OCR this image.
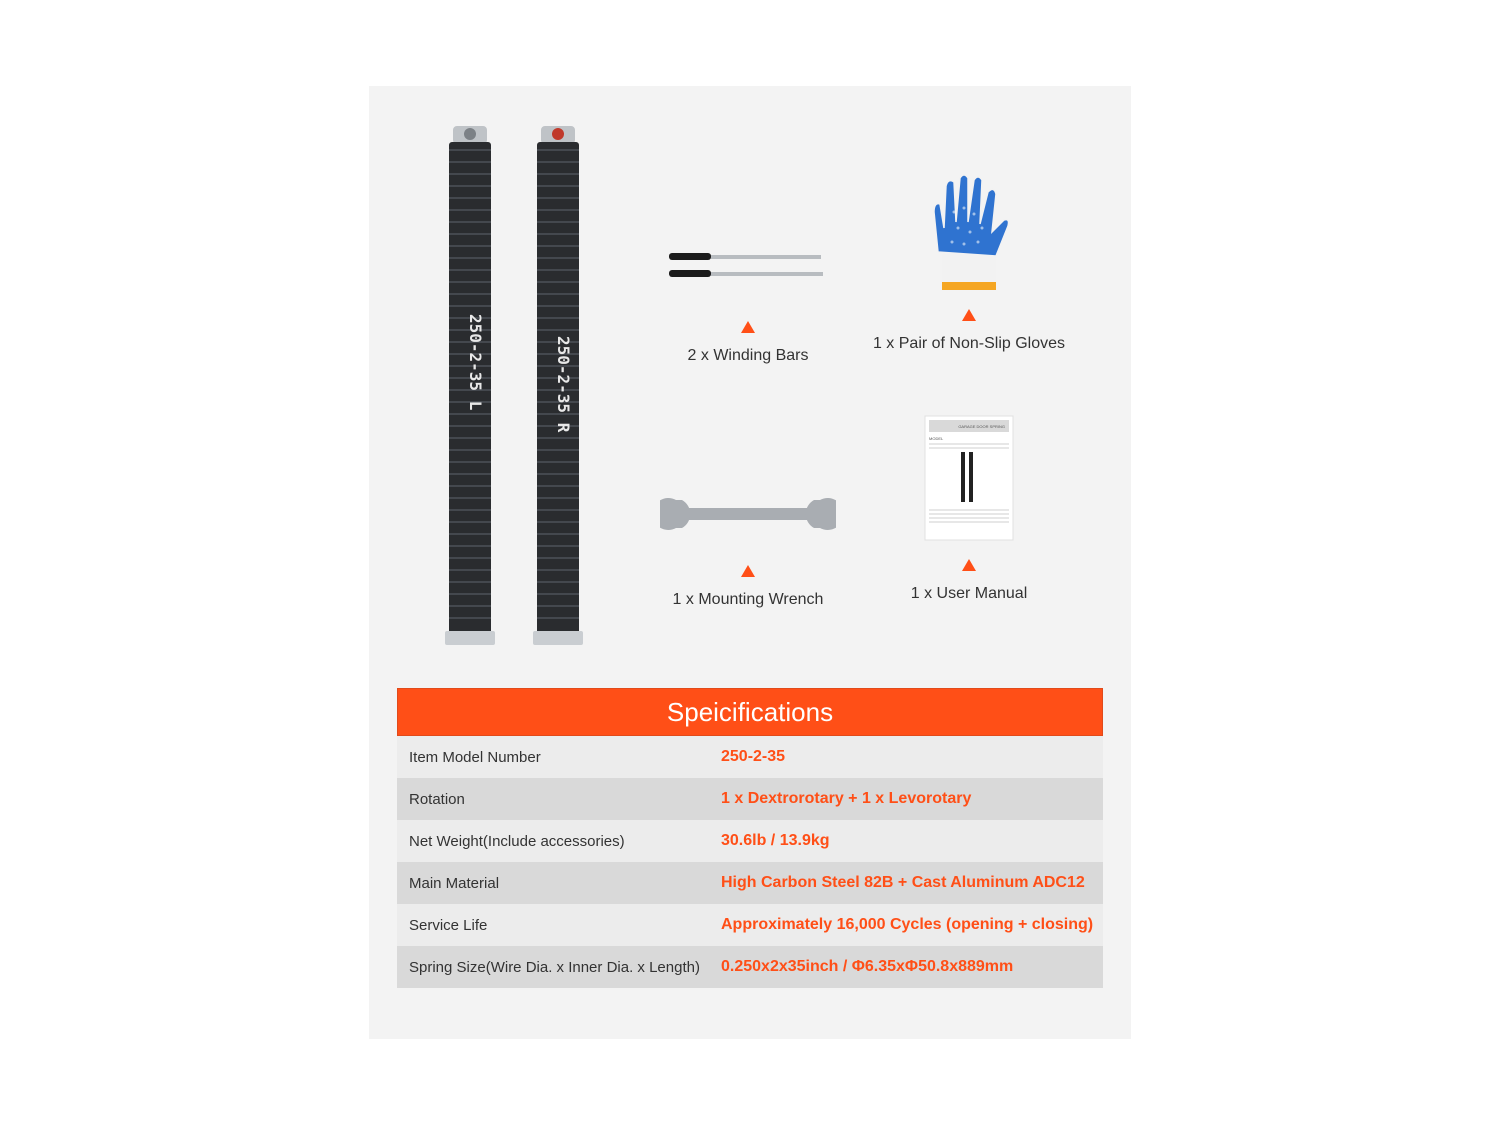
250-2-35 L	250-2-35 R	2 x Winding Bars
1 x Pair of Non-Slip Gloves
1 x Mounting Wrench
GARAGE DOOR SPRING
MODEL
1 x User Manual
Speicifications
Item Model Number	250-2-35
Rotation	1 x Dextrorotary + 1 x Levorotary
Net Weight(Include accessories)	30.6lb / 13.9kg
Main Material	High Carbon Steel 82B + Cast Aluminum ADC12
Service Life	Approximately 16,000 Cycles (opening + closing)
Spring Size(Wire Dia. x Inner Dia. x Length)	0.250x2x35inch / Φ6.35xΦ50.8x889mm
